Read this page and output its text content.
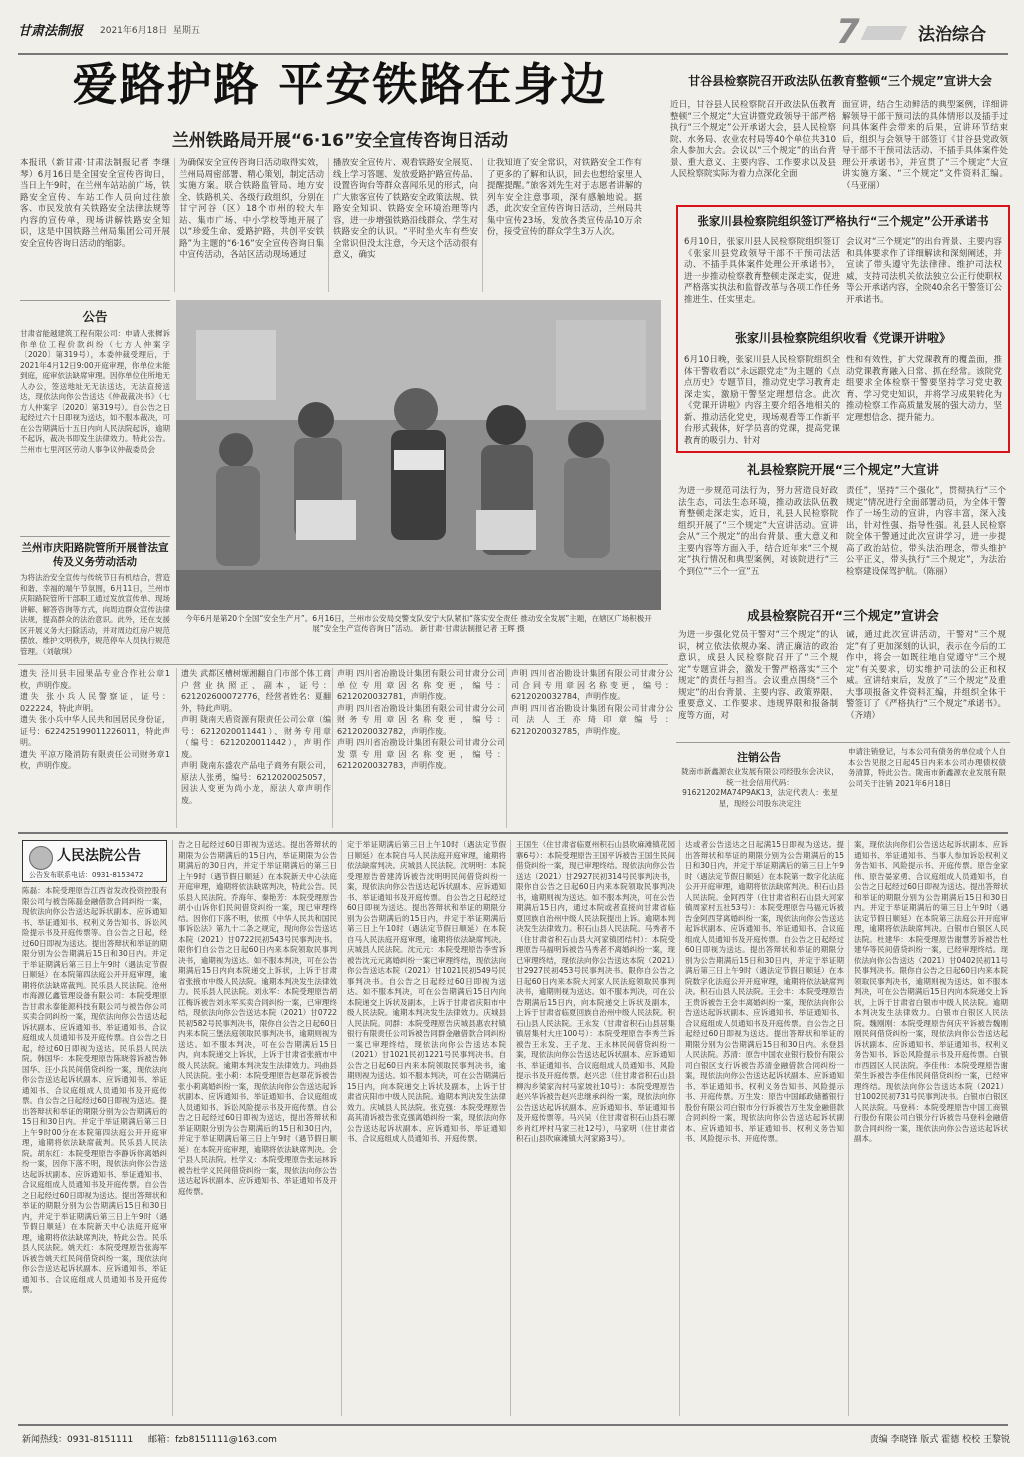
甘肃法制报 2021年6月18日 星期五	7	法治综合
爱路护路 平安铁路在身边
兰州铁路局开展“6·16”安全宣传咨询日活动
本报讯（新甘肃·甘肃法制报记者 李继琴）6月16日是全国安全宣传咨询日，当日上午9时，在兰州车站站前广场，铁路安全宣传、车站工作人员向过往旅客、市民发放有关铁路安全法律法规等内容的宣传单，现场讲解铁路安全知识，这是中国铁路兰州局集团公司开展安全宣传咨询日活动的缩影。
为确保安全宣传咨询日活动取得实效，兰州局周密部署、精心策划，制定活动实施方案。联合铁路监管局、地方安全、铁路机关、各级行政组织，分别在甘宁河谷（区）18个市州的较大车站、集市广场、中小学校等地开展了以“珍爱生命、爱路护路，共创平安铁路”为主题的“6·16”安全宣传咨询日集中宣传活动，各站区活动现场通过
播放安全宣传片、观看铁路安全展览、线上学习答题、发放爱路护路宣传品、设置咨询台等群众喜闻乐见的形式，向广大旅客宣传了铁路安全政策法规、铁路安全知识、铁路安全环境治理等内容，进一步增强铁路沿线群众、学生对铁路安全的认识。“平时坐火车有些安全常识但没太注意，今天这个活动很有意义，确实
让我知道了安全常识，对铁路安全工作有了更多的了解和认识，回去也想给家里人提醒提醒。”旅客刘先生对于志愿者讲解的列车安全注意事项，深有感触地说。据悉，此次安全宣传咨询日活动，兰州局共集中宣传23场，发放各类宣传品10万余份，接受宣传的群众学生3万人次。
公告
甘肃省能越建筑工程有限公司：申请人张樨诉你单位工程价款纠纷（七方人仲案字〔2020〕第319号），本委仲裁受理后，于2021年4月12日9:00开庭审理，你单位未能到庭，庭审依法缺席审理。因你单位住所地无人办公，签送地址无无法送达，无法直接送达，现依法向你公告送达《仲裁裁决书》（七方人仲案字〔2020〕第319号）。自公告之日起经过六十日即视为送达，如不服本裁决，可在公告期满后十五日内向人民法院起诉，逾期不起诉，裁决书即发生法律效力。特此公告。兰州市七里河区劳动人事争议仲裁委员会
兰州市庆阳路院管所开展普法宣传及义务劳动活动
为将法治安全宣传与传统节日有机结合，营造和谐、幸福的端午节氛围，6月11日，兰州市庆阳路院管所干部职工通过发放宣传单、现场讲解、解答咨询等方式，向周边群众宣传法律法规，提高群众的法治意识。此外，还在支援区开展义务大扫除活动，并对周边红房户规范摆放、维护文明秩序，规范停车人员执行规范管理。（刘敏琪）
今年6月是第20个全国“安全生产月”。6月16日，兰州市公安局交警支队安宁大队紧扣“落实安全责任 推动安全发展”主题，在辖区广场积极开展“安全生产宣传咨询日”活动。 新甘肃·甘肃法制报记者 王辉 摄
甘谷县检察院召开政法队伍教育整顿“三个规定”宣讲大会
近日，甘谷县人民检察院召开政法队伍教育整顿“三个规定”大宣讲暨党政领导干部严格执行“三个规定”公开承诺大会，县人民检察院、水务局、农业农村局等40个单位共310余人参加大会。会议以“三个规定”的出台背景、重大意义、主要内容、工作要求以及县人民检察院实际为着力点深化全面
面宣讲，结合生动鲜活的典型案例，详细讲解领导干部干预司法的具体情形以及插手过问具体案件会带来的后果，宣讲环节结束后，组织与会领导干部签订《甘谷县党政领导干部不干预司法活动、不插手具体案件处理公开承诺书》，并宣贯了“三个规定”大宣讲实施方案、“三个规定”文件资料汇编。（马亚丽）
张家川县检察院组织签订严格执行“三个规定”公开承诺书
6月10日，张家川县人民检察院组织签订《张家川县党政领导干部不干预司法活动、不插手具体案件处理公开承诺书》，进一步推动检察教育整顿走深走实，促进严格落实执法和监督改革与各项工作任务推进生、任实里走。
会议对“三个规定”的出台背景、主要内容和具体要求作了详细解读和深刻阐述，并宣读了带头遵守先法律律、维护司法权威，支持司法机关依法独立公正行使职权等公开承诺内容，全院40余名干警签订公开承诺书。
张家川县检察院组织收看《党课开讲啦》
6月10日晚，张家川县人民检察院组织全体干警收看以“永远跟党走”为主题的《点点历史》专题节目，推动党史学习教育走深走实，激励干警坚定理想信念。此次《党课开讲啦》内容主要介绍各地相关的新、推动活化党史，现场观看等工作新平台形式载体，好学员喜的党课，提高党课教育的吸引力、针对
性和有效性，扩大党课教育的覆盖面，推动党课教育融入日常、抓在经常。该院党组要求全体检察干警要坚持学习党史教育、学习党史知识，并将学习成果转化为推动检察工作高质量发展的强大动力，坚定理想信念、提升能力。
礼县检察院开展“三个规定”大宣讲
为进一步规范司法行为，努力营造良好政法生态，司法生态环境，推动政法队伍教育整顿走深走实，近日，礼县人民检察院组织开展了“三个规定”大宣讲活动。宣讲会从“三个规定”的出台背景、重大意义和主要内容等方面入手，结合近年来“三个规定”执行情况和典型案例，对该院进行“三个到位”“三个一宣”五
责任”，坚持“三个强化”，贯彻执行“三个规定”情况进行全面部署动员，为全体干警作了一场生动的宣讲，内容丰富，深入浅出，针对性强、指导性强。礼县人民检察院全体干警通过此次宣讲学习，进一步提高了政治站位，带头法治理念，带头维护公平正义，带头执行“三个规定”，为法治检察建设保驾护航。（陈丽）
成县检察院召开“三个规定”宣讲会
为进一步强化党员干警对“三个规定”的认识，树立依法依规办案、清正廉洁的政治意识，成县人民检察院召开了“三个规定”专题宣讲会，激发干警严格落实“三个规定”的责任与担当。会议重点围绕“三个规定”的出台背景、主要内容、政策界限、重要意义、工作要求、违规界限和报备制度等方面，对
诫，通过此次宣讲活动，干警对“三个规定”有了更加深刻的认识，表示在今后的工作中，将会一如既往地自觉遵守“三个规定”有关要求，切实维护司法的公正和权威。宣讲结束后，发放了“三个规定”及重大事项报备文件资料汇编，并组织全体干警签订了《严格执行“三个规定”承诺书》。（齐靖）
遗失 泾川县丰园果品专业合作社公章1枚，声明作废。
遗失 张小兵人民警察证，证号：022224，特此声明。
遗失 张小兵中华人民共和国居民身份证，证号：622425199011226011，特此声明。
遗失 平凉万隆消防有限责任公司财务章1枚，声明作废。
遗失 武都区槽树塬湘翻自门市部个体工商户营业执照正、副本，证号：621202600072776，经营者姓名：夏翻外，特此声明。
声明 陇南天盾资源有限责任公司公章（编号：6212020011441）、财务专用章（编号：6212020011442），声明作废。
声明 陇南东盛农产品电子商务有限公司，原法人张勇，编号：6212020025057，因法人变更为尚小龙，原法人章声明作废。
声明 四川省冶勘设计集团有限公司甘肃分公司单位专用章因名称变更，编号：6212020032781，声明作废。
声明 四川省冶勘设计集团有限公司甘肃分公司财务专用章因名称变更，编号：6212020032782，声明作废。
声明 四川省冶勘设计集团有限公司甘肃分公司发票专用章因名称变更，编号：6212020032783，声明作废。
声明 四川省冶勘设计集团有限公司甘肃分公司合同专用章因名称变更，编号：6212020032784，声明作废。
声明 四川省冶勘设计集团有限公司甘肃分公司法人王亦琦印章编号：6212020032785，声明作废。
注销公告
陇南市新鑫源农业发展有限公司经股东会决议，统一社会信用代码：91621202MA74P9AK13，法定代表人：张星星，现经公司股东决定注
申请注销登记，与本公司有债务的单位或个人自本公告见报之日起45日内来本公司办理债权债务清算，特此公告。陇南市新鑫源农业发展有限公司关于注销 2021年6月18日
人民法院公告
公告发布联系电话：0931-8153472
陈磊：本院受理原告江西省发改投资控股有限公司与被告陈磊金融借款合同纠纷一案，现依法向你公告送达起诉状副本、应诉通知书、举证通知书、权利义务告知书、诉讼风险提示书及开庭传票等。自公告之日起，经过60日即视为送达。提出答辩状和举证的期限分别为公告期满后15日和30日内。并定于举证期满后第三日上午9时（遇法定节假日顺延）在本院第四法庭公开开庭审理，逾期将依法缺席裁判。民乐县人民法院。沧州市海源亿鑫管理设备有限公司：本院受理原告甘肃永泰能源科技有限公司与被告你公司买卖合同纠纷一案，现依法向你公告送达起诉状副本、应诉通知书、举证通知书、合议庭组成人员通知书及开庭传票。自公告之日起，经过60日即视为送达。民乐县人民法院。韩国华：本院受理原告陈晓蓉诉被告韩国华、汪小兵民间借贷纠纷一案，现依法向你公告送达起诉状副本、应诉通知书、举证通知书、合议庭组成人员通知书及开庭传票。自公告之日起经过60日即视为送达。提出答辩状和举证的期限分别为公告期满后的15日和30日内。并定于举证期满后第三日上午9时00分在本院第四法庭公开开庭审理，逾期将依法缺席裁判。民乐县人民法院。胡东红：本院受理原告李静诉你离婚纠纷一案，因你下落不明，现依法向你公告送达起诉状副本、应诉通知书、举证通知书、合议庭组成人员通知书及开庭传票。自公告之日起经过60日即视为送达。提出答辩状和举证的期限分别为公告期满后15日和30日内，并定于举证期满后第三日上午9时（遇节假日顺延）在本院新天中心法庭开庭审理，逾期将依法缺席判决，特此公告。民乐县人民法院。姚天红：本院受理原告张海军诉被告姚天红民间借贷纠纷一案，现依法向你公告送达起诉状副本、应诉通知书、举证通知书、合议庭组成人员通知书及开庭传票。
告之日起经过60日即视为送达。提出答辩状的期限为公告期满后的15日内，举证期限为公告期满后的30日内，并定于举证期满后的第三日上午9时（遇节假日顺延）在本院新天中心法庭开庭审理，逾期将依法缺席判决，特此公告。民乐县人民法院。乔海年、秦艳芳：本院受理原告胡小山诉你们民间借贷纠纷一案，现已审理终结。因你们下落不明，依照《中华人民共和国民事诉讼法》第九十二条之规定，现向你公告送达本院（2021）甘0722民初543号民事判决书。限你们自公告之日起60日内来本院领取民事判决书，逾期视为送达。如不服本判决，可在公告期满后15日内向本院递交上诉状，上诉于甘肃省张掖市中级人民法院。逾期本判决发生法律效力。民乐县人民法院。刘永军：本院受理原告胡江梅诉被告刘永军买卖合同纠纷一案，已审理终结，现依法向你公告送达本院（2021）甘0722民初582号民事判决书，限你自公告之日起60日内来本院三堡法庭领取民事判决书，逾期则视为送达。如不服本判决，可在公告期满后15日内，向本院递交上诉状，上诉于甘肃省张掖市中级人民法院。逾期本判决发生法律效力。玛曲县人民法院。张小莉：本院受理原告赵翠花诉被告张小莉离婚纠纷一案，现依法向你公告送达起诉状副本、应诉通知书、举证通知书、合议庭组成人员通知书、诉讼风险提示书及开庭传票。自公告之日起经过60日即视为送达，提出答辩状和举证期限分别为公告期满后的15日和30日内，并定于举证期满后第三日上午9时（遇节假日顺延）在本院开庭审理，逾期将依法缺席判决。会宁县人民法院。杜学义：本院受理原告张运林诉被告杜学义民间借贷纠纷一案，现依法向你公告送达起诉状副本、应诉通知书、举证通知书及开庭传票。
定于举证期满后第三日上午10时（遇法定节假日顺延）在本院自马人民法庭开庭审理，逾期将依法缺席判决。庆城县人民法院。沈明明：本院受理原告曾建涛诉被告沈明明民间借贷纠纷一案，现依法向你公告送达起诉状副本、应诉通知书、举证通知书及开庭传票。自公告之日起经过60日即视为送达。提出答辩状和举证的期限分别为公告期满后的15日内，并定于举证期满后第三日上午10时（遇法定节假日顺延）在本院自马人民法庭开庭审理，逾期将依法缺席判决。庆城县人民法院。沈元元：本院受理原告李雪诉被告沈元元离婚纠纷一案已审理终结，现依法向你公告送达本院（2021）甘1021民初549号民事判决书。自公告之日起经过60日即视为送达。如不服本判决，可在公告期满后15日内向本院递交上诉状及副本，上诉于甘肃省庆阳市中级人民法院。逾期本判决发生法律效力。庆城县人民法院。同群：本院受理原告庆城县惠农村镇银行有限责任公司诉被告同群金融借款合同纠纷一案已审理终结，现依法向你公告送达本院（2021）甘1021民初1221号民事判决书。自公告之日起60日内来本院领取民事判决书，逾期则视为送达。如不服本判决，可在公告期满后15日内，向本院递交上诉状及副本，上诉于甘肃省庆阳市中级人民法院。逾期本判决发生法律效力。庆城县人民法院。张克强：本院受理原告高其清诉被告张克强离婚纠纷一案，现依法向你公告送达起诉状副本、应诉通知书、举证通知书、合议庭组成人员通知书、开庭传票。
王国生（住甘肃省临夏州积石山县吹麻滩镇花园寨6号）：本院受理原告王国平诉被告王国生民间借贷纠纷一案，现已审理终结。现依法向你公告送达（2021）甘2927民初314号民事判决书，限你自公告之日起60日内来本院领取民事判决书，逾期则视为送达。如不服本判决，可在公告期满后15日内，通过本院或者直接向甘肃省临夏回族自治州中级人民法院提出上诉。逾期本判决发生法律效力。积石山县人民法院。马秀者不（住甘肃省积石山县大河家镇团结村）：本院受理原告马福明诉被告马秀者不离婚纠纷一案，现已审理终结，现依法向你公告送达本院（2021）甘2927民初453号民事判决书。限你自公告之日起60日内来本院大河家人民法庭领取民事判决书，逾期则视为送达。如不服本判决，可在公告期满后15日内，向本院递交上诉状及副本，上诉于甘肃省临夏回族自治州中级人民法院。积石山县人民法院。王永发（甘肃省积石山县居集镇居集村大庄100号）：本院受理原告李秀兰诉被告王永发、王子龙、王永林民间借贷纠纷一案，现依法向你公告送达起诉状副本、应诉通知书、举证通知书、合议庭组成人员通知书、风险提示书及开庭传票。赵兴忠（住甘肃省积石山县柳沟乡梁家沟村马家坡社10号）：本院受理原告赵兴华诉被告赵兴忠继承纠纷一案，现依法向你公告送达起诉状副本、应诉通知书、举证通知书及开庭传票等。马兴吴（住甘肃省积石山县石塬乡肖红坪村马家三社12号），马家明（住甘肃省积石山县吹麻滩镇大河家路3号）。
达或者公告送达之日起满15日即视为送达。提出答辩状和举证的期限分别为公告期满后的15日和30日内，并定于举证期满后的第三日上午9时（遇法定节假日顺延）在本院第一数字化法庭公开开庭审理，逾期将依法缺席判决。积石山县人民法院。金阿西芽（住甘肃省积石山县大河家镇周家村五社53号）：本院受理原告马福元诉被告金阿西芽离婚纠纷一案，现依法向你公告送达起诉状副本、应诉通知书、举证通知书、合议庭组成人员通知书及开庭传票。自公告之日起经过60日即视为送达。提出答辩状和举证的期限分别为公告期满后15日和30日内，并定于举证期满后第三日上午9时（遇法定节假日顺延）在本院数字化法庭公开开庭审理，逾期将依法缺席判决。积石山县人民法院。王会丰：本院受理原告王贵诉被告王会丰离婚纠纷一案，现依法向你公告送达起诉状副本、应诉通知书、举证通知书、合议庭组成人员通知书及开庭传票。自公告之日起经过60日即视为送达。提出答辩状和举证的期限分别为公告期满后15日和30日内。永登县人民法院。苏清：原告中国农业银行股份有限公司白银区支行诉被告苏清金融借款合同纠纷一案，现依法向你公告送达起诉状副本、应诉通知书、举证通知书、权利义务告知书、风险提示书、开庭传票。万生发：原告中国邮政储蓄银行股份有限公司白银市分行诉被告万生发金融借款合同纠纷一案，现依法向你公告送达起诉状副本、应诉通知书、举证通知书、权利义务告知书、风险提示书、开庭传票。
案，现依法向你们公告送达起诉状副本、应诉通知书、举证通知书、当事人参加诉讼权利义务告知书、风险提示书、开庭传票。原告金家伟、原告晏家勇、合议庭组成人员通知书，自公告之日起经过60日即视为送达。提出答辩状和举证的期限分别为公告期满后15日和30日内。并定于举证期满后的第三日上午9时（遇法定节假日顺延）在本院第三法庭公开开庭审理，逾期将依法缺席判决。白银市白银区人民法院。杜建华：本院受理原告谢慧芳诉被告杜建华等民间借贷纠纷一案，已经审理终结。现依法向你公告送达（2021）甘0402民初11号民事判决书。限你自公告之日起60日内来本院领取民事判决书，逾期则视为送达。如不服本判决，可在公告期满后15日内向本院递交上诉状，上诉于甘肃省白银市中级人民法院。逾期本判决发生法律效力。白银市白银区人民法院。魏刚刚：本院受理原告何庆平诉被告魏刚刚民间借贷纠纷一案，现依法向你公告送达起诉状副本、应诉通知书、举证通知书、权利义务告知书、诉讼风险提示书及开庭传票。白银市西固区人民法院。李佳伟：本院受理原告谢荣生诉被告李佳伟民间借贷纠纷一案，已经审理终结。现依法向你公告送达本院（2021）甘1002民初731号民事判决书。白银市白银区人民法院。马登科：本院受理原告中国工商银行股份有限公司白银分行诉被告马登科金融借款合同纠纷一案，现依法向你公告送达起诉状副本。
新闻热线：0931-8151111	邮箱：fzb8151111@163.com	责编 李晓锋 版式 霍德 校校 王黎锐
